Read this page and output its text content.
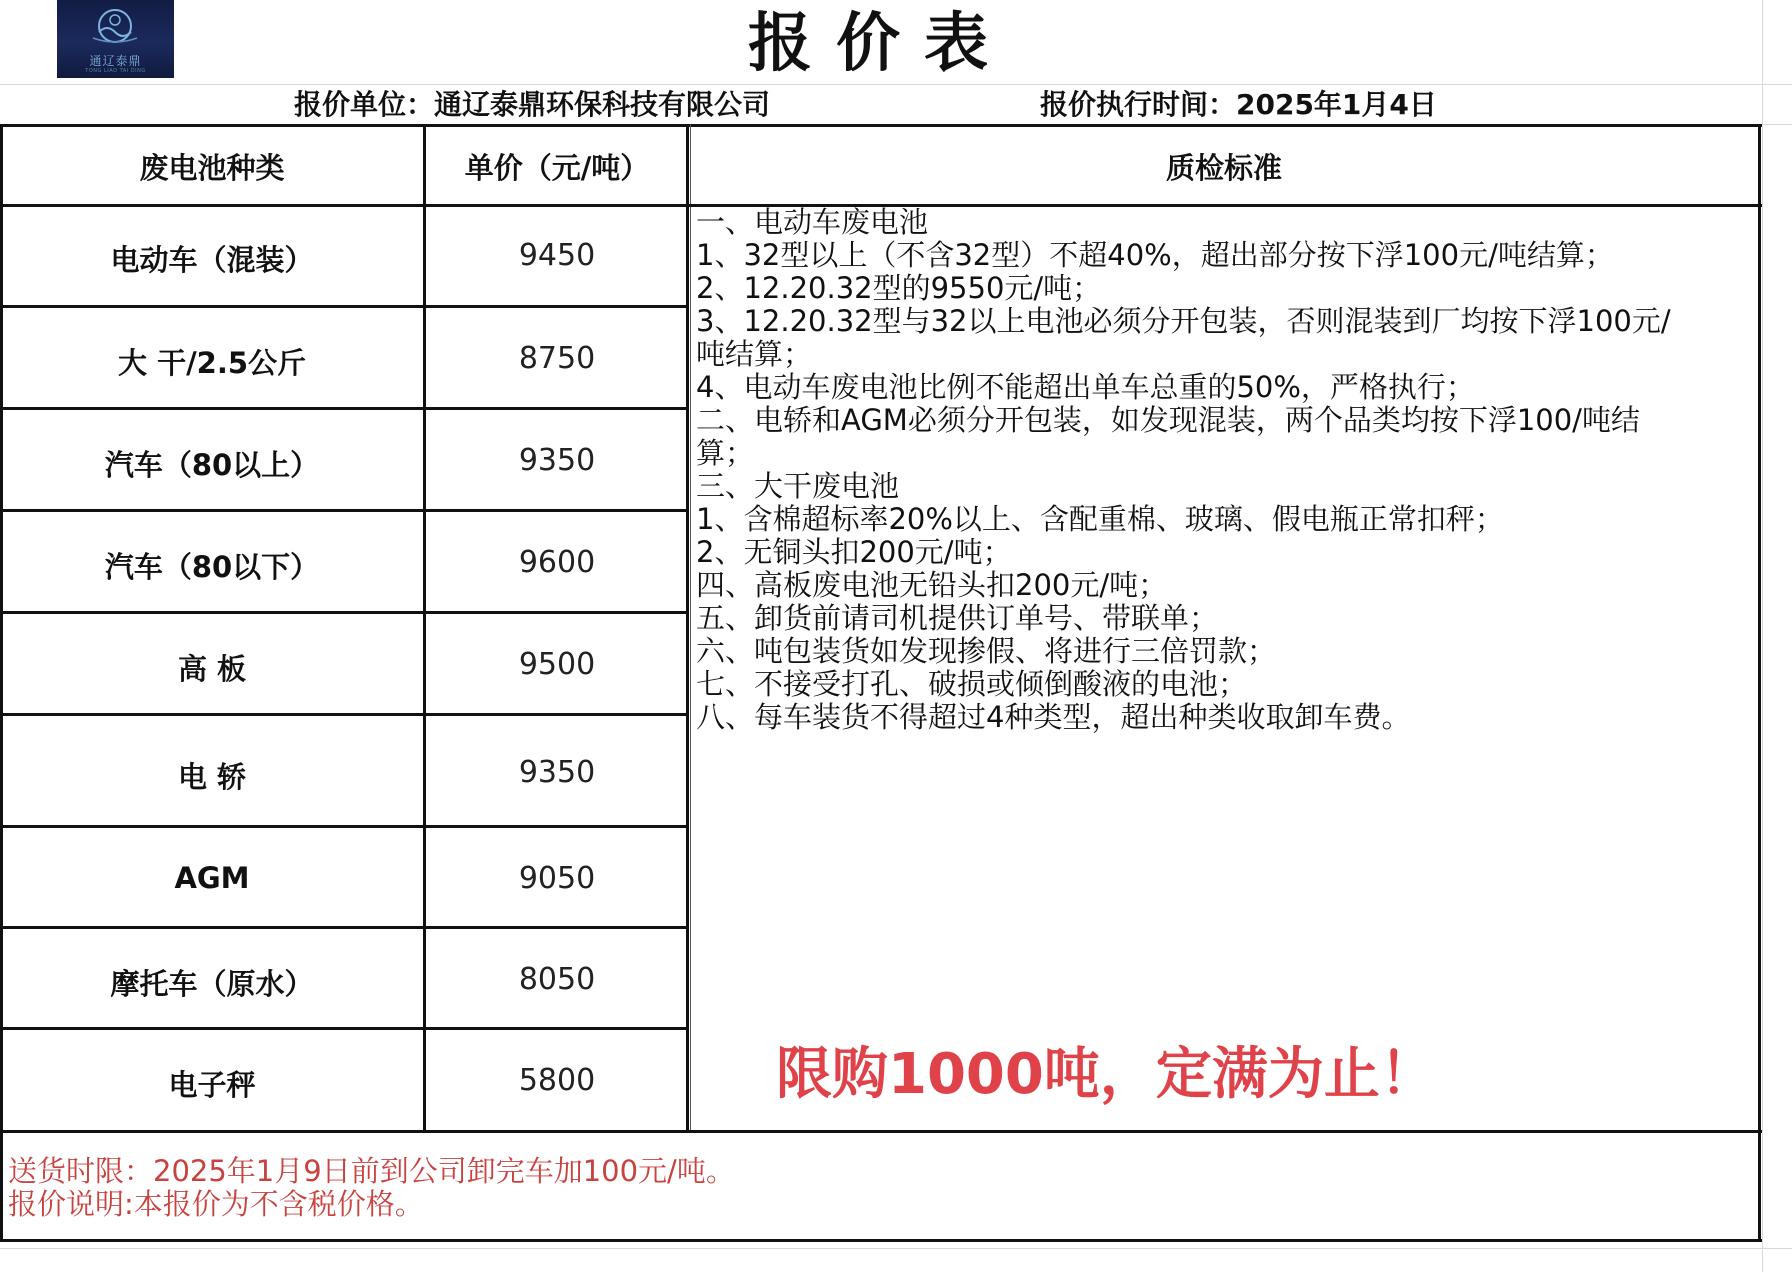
通辽泰鼎
TONG LIAO TAI DING	报价表
报价单位：通辽泰鼎环保科技有限公司	报价执行时间：2025年1月4日
废电池种类	单价（元/吨）	质检标准
电动车（混装）	9450
大 干/2.5公斤	8750
汽车（80以上）	9350
汽车（80以下）	9600
高 板	9500
电 轿	9350
AGM	9050
摩托车（原水）	8050
电子秤	5800
一、电动车废电池
1、32型以上（不含32型）不超40%，超出部分按下浮100元/吨结算；
2、12.20.32型的9550元/吨；
3、12.20.32型与32以上电池必须分开包装，否则混装到厂均按下浮100元/
吨结算；
4、电动车废电池比例不能超出单车总重的50%，严格执行；
二、电轿和AGM必须分开包装，如发现混装，两个品类均按下浮100/吨结
算；
三、大干废电池
1、含棉超标率20%以上、含配重棉、玻璃、假电瓶正常扣秤；
2、无铜头扣200元/吨；
四、高板废电池无铅头扣200元/吨；
五、卸货前请司机提供订单号、带联单；
六、吨包装货如发现掺假、将进行三倍罚款；
七、不接受打孔、破损或倾倒酸液的电池；
八、每车装货不得超过4种类型，超出种类收取卸车费。
限购1000吨，定满为止！
送货时限：2025年1月9日前到公司卸完车加100元/吨。
报价说明:本报价为不含税价格。
